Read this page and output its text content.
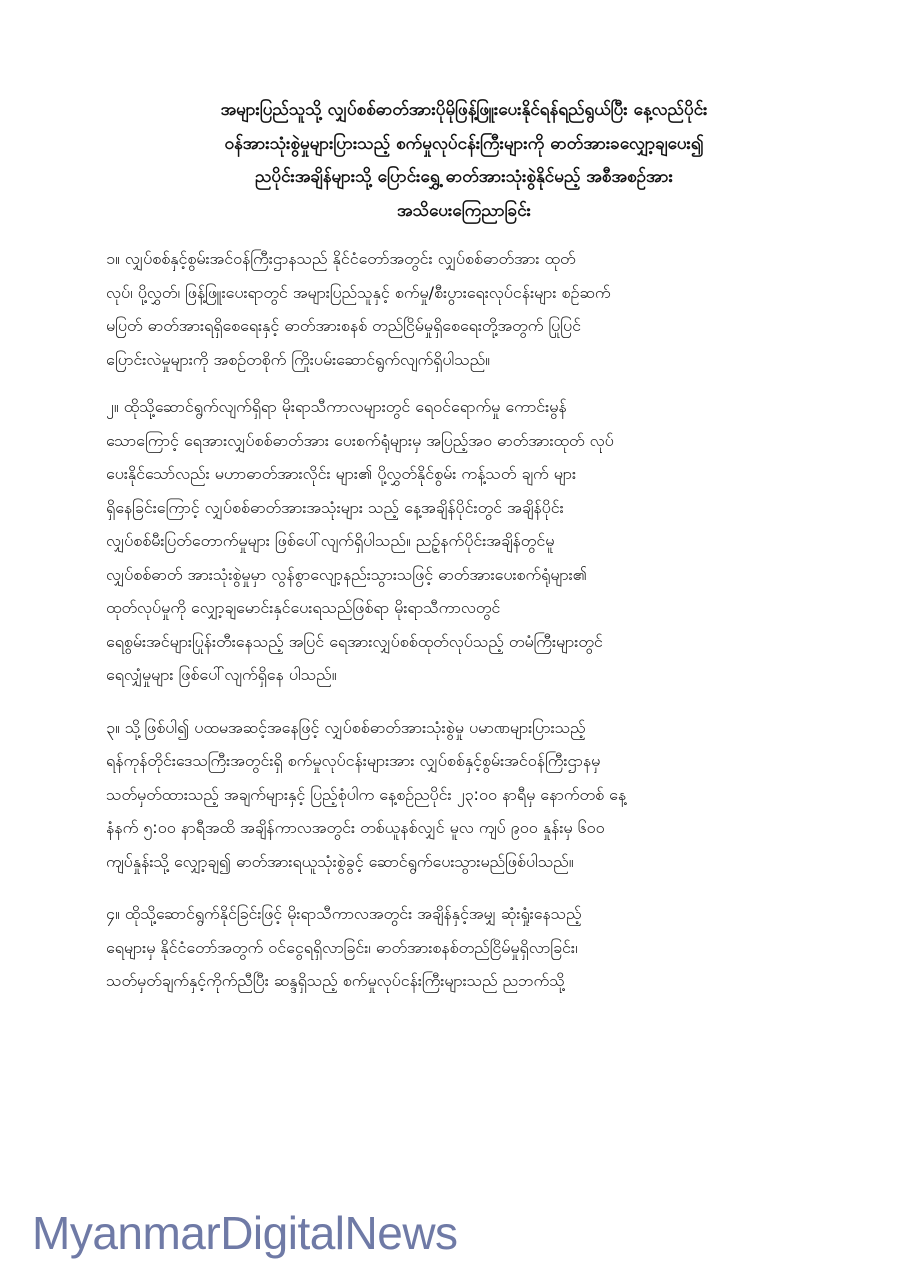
အများပြည်သူသို့ လျှပ်စစ်ဓာတ်အားပိုမိုဖြန့်ဖြူးပေးနိုင်ရန်ရည်ရွယ်ပြီး နေ့လည်ပိုင်း
ဝန်အားသုံးစွဲမှုများပြားသည့် စက်မှုလုပ်ငန်းကြီးများကို ဓာတ်အားခလျှော့ချပေး၍
ညပိုင်းအချိန်များသို့ ပြောင်းရွှေ့ ဓာတ်အားသုံးစွဲနိုင်မည့် အစီအစဉ်အား
အသိပေးကြေညာခြင်း
၁။ လျှပ်စစ်နှင့်စွမ်းအင်ဝန်ကြီးဌာနသည် နိုင်ငံတော်အတွင်း လျှပ်စစ်ဓာတ်အား ထုတ်
လုပ်၊ ပို့လွှတ်၊ ဖြန့်ဖြူးပေးရာတွင် အများပြည်သူနှင့် စက်မှု/စီးပွားရေးလုပ်ငန်းများ စဉ်ဆက်
မပြတ် ဓာတ်အားရရှိစေရေးနှင့် ဓာတ်အားစနစ် တည်ငြိမ်မှုရှိစေရေးတို့အတွက် ပြုပြင်
ပြောင်းလဲမှုများကို အစဉ်တစိုက် ကြိုးပမ်းဆောင်ရွက်လျက်ရှိပါသည်။
၂။ ထိုသို့ဆောင်ရွက်လျက်ရှိရာ မိုးရာသီကာလများတွင် ရေဝင်ရောက်မှု ကောင်းမွန်
သောကြောင့် ရေအားလျှပ်စစ်ဓာတ်အား ပေးစက်ရုံများမှ အပြည့်အဝ ဓာတ်အားထုတ် လုပ်
ပေးနိုင်သော်လည်း မဟာဓာတ်အားလိုင်း များ၏ ပို့လွှတ်နိုင်စွမ်း ကန့်သတ် ချက် များ
ရှိနေခြင်းကြောင့် လျှပ်စစ်ဓာတ်အားအသုံးများ သည့် နေ့အချိန်ပိုင်းတွင် အချိန်ပိုင်း
လျှပ်စစ်မီးပြတ်တောက်မှုများ ဖြစ်ပေါ်လျက်ရှိပါသည်။ ညဉ့်နက်ပိုင်းအချိန်တွင်မူ
လျှပ်စစ်ဓာတ် အားသုံးစွဲမှုမှာ လွန်စွာလျော့နည်းသွားသဖြင့် ဓာတ်အားပေးစက်ရုံများ၏
ထုတ်လုပ်မှုကို လျှော့ချမောင်းနှင်ပေးရသည်ဖြစ်ရာ မိုးရာသီကာလတွင်
ရေစွမ်းအင်များပြုန်းတီးနေသည့် အပြင် ရေအားလျှပ်စစ်ထုတ်လုပ်သည့် တမံကြီးများတွင်
ရေလျှံမှုများ ဖြစ်ပေါ်လျက်ရှိနေ ပါသည်။
၃။ သို့ဖြစ်ပါ၍ ပထမအဆင့်အနေဖြင့် လျှပ်စစ်ဓာတ်အားသုံးစွဲမှု ပမာဏများပြားသည့်
ရန်ကုန်တိုင်းဒေသကြီးအတွင်းရှိ စက်မှုလုပ်ငန်းများအား လျှပ်စစ်နှင့်စွမ်းအင်ဝန်ကြီးဌာနမှ
သတ်မှတ်ထားသည့် အချက်များနှင့် ပြည့်စုံပါက နေ့စဉ်ညပိုင်း ၂၃:၀၀ နာရီမှ နောက်တစ် နေ့
နံနက် ၅:၀၀ နာရီအထိ အချိန်ကာလအတွင်း တစ်ယူနစ်လျှင် မူလ ကျပ် ၉၀၀ နှုန်းမှ ၆၀၀
ကျပ်နှုန်းသို့ လျှော့ချ၍ ဓာတ်အားရယူသုံးစွဲခွင့် ဆောင်ရွက်ပေးသွားမည်ဖြစ်ပါသည်။
၄။ ထိုသို့ဆောင်ရွက်နိုင်ခြင်းဖြင့် မိုးရာသီကာလအတွင်း အချိန်နှင့်အမျှ ဆုံးရှုံးနေသည့်
ရေများမှ နိုင်ငံတော်အတွက် ဝင်ငွေရရှိလာခြင်း၊ ဓာတ်အားစနစ်တည်ငြိမ်မှုရှိလာခြင်း၊
သတ်မှတ်ချက်နှင့်ကိုက်ညီပြီး ဆန္ဒရှိသည့် စက်မှုလုပ်ငန်းကြီးများသည် ညဘက်သို့
MyanmarDigitalNews
